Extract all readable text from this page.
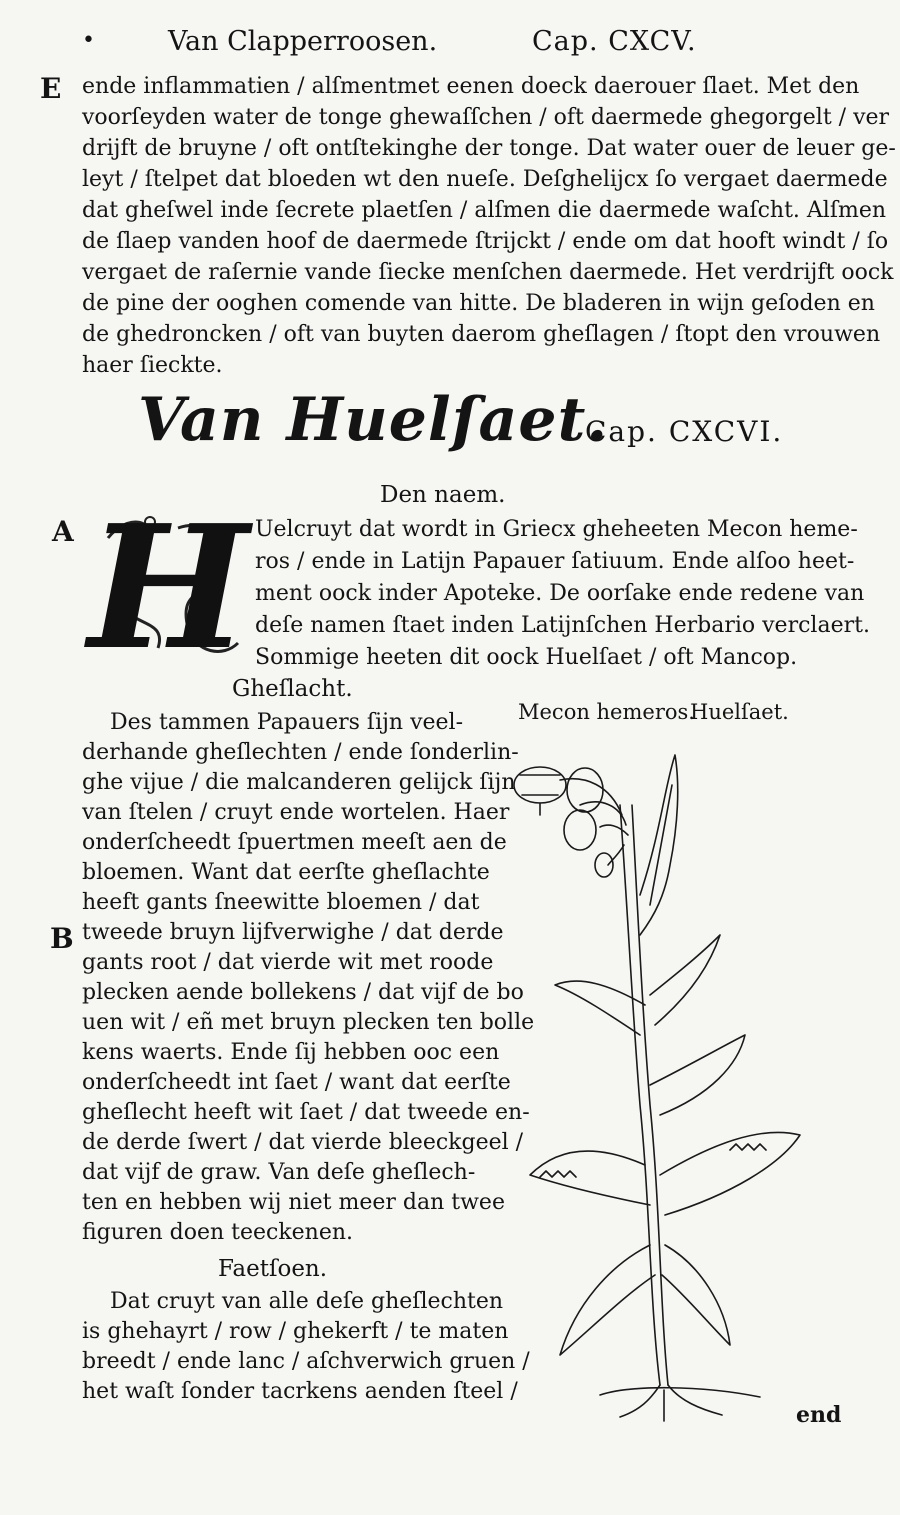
•	Van Clapperroosen.	Cap. CXCV.
E ende inflammatien / alſmentmet eenen doeck daerouer ſlaet. Met den
voorſeyden water de tonge ghewaſſchen / oft daermede ghegorgelt / ver
drijft de bruyne / oft ontſtekinghe der tonge. Dat water ouer de leuer ge-
leyt / ſtelpet dat bloeden wt den nueſe. Deſghelijcx ſo vergaet daermede
dat gheſwel inde ſecrete plaetſen / alſmen die daermede waſcht. Alſmen
de ſlaep vanden hoof de daermede ſtrijckt / ende om dat hooft windt / ſo
vergaet de raſernie vande ſiecke menſchen daermede. Het verdrijft oock
de pine der ooghen comende van hitte. De bladeren in wijn geſoden en
de ghedroncken / oft van buyten daerom gheſlagen / ſtopt den vrouwen
haer ſieckte.
Van Huelſaet.
Cap. CXCVI.
Den naem.
A H Uelcruyt dat wordt in Griecx gheheeten Mecon heme-
ros / ende in Latijn Papauer ſatiuum. Ende alſoo heet-
ment oock inder Apoteke. De oorſake ende redene van
deſe namen ſtaet inden Latijnſchen Herbario verclaert.
Sommige heeten dit oock Huelſaet / oft Mancop.
Gheſlacht.
B
Des tammen Papauers ſijn veel-
derhande gheſlechten / ende ſonderlin-
ghe vijue / die malcanderen gelijck ſijn
van ſtelen / cruyt ende wortelen. Haer
onderſcheedt ſpuertmen meeſt aen de
bloemen. Want dat eerſte gheſlachte
heeft gants ſneewitte bloemen / dat
tweede bruyn lijfverwighe / dat derde
gants root / dat vierde wit met roode
plecken aende bollekens / dat vijf de bo
uen wit / eñ met bruyn plecken ten bolle
kens waerts. Ende ſij hebben ooc een
onderſcheedt int ſaet / want dat eerſte
gheſlecht heeft wit ſaet / dat tweede en-
de derde ſwert / dat vierde bleeckgeel /
dat vijf de graw. Van deſe gheſlech-
ten en hebben wij niet meer dan twee
figuren doen teeckenen.
Faetſoen.
Dat cruyt van alle deſe gheſlechten
is ghehayrt / row / ghekerft / te maten
breedt / ende lanc / aſchverwich gruen /
het waſt ſonder tacrkens aenden ſteel /
Mecon hemeros.
Huelſaet.
end
